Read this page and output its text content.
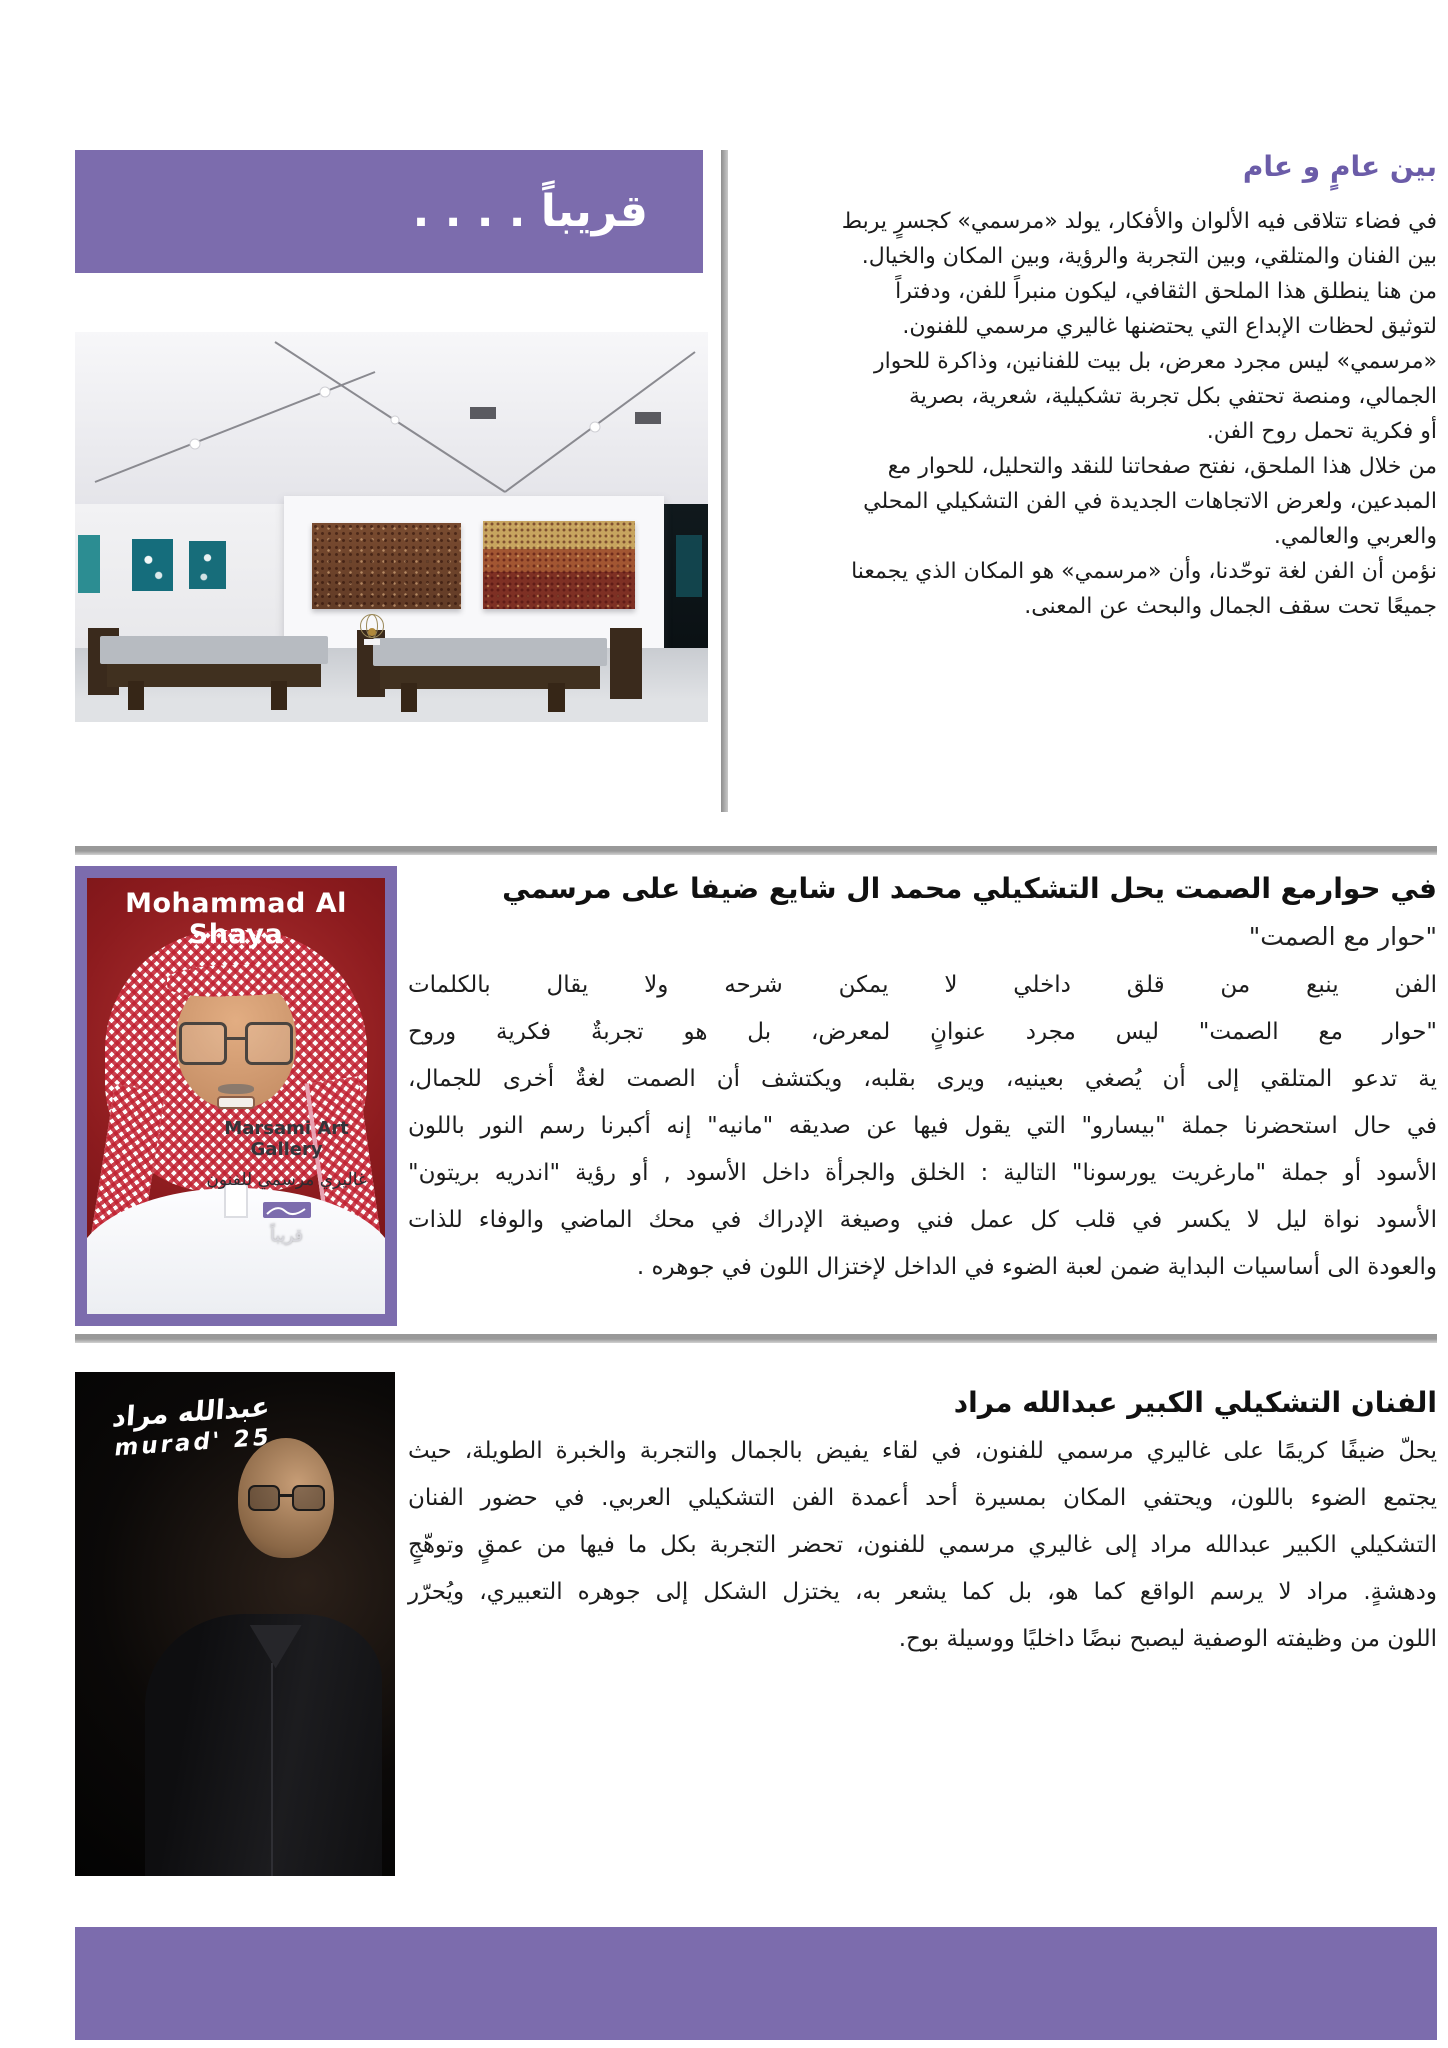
قريباً . . . .
بين عامٍ و عام
في فضاء تتلاقى فيه الألوان والأفكار، يولد «مرسمي» كجسرٍ يربط
بين الفنان والمتلقي، وبين التجربة والرؤية، وبين المكان والخيال.
من هنا ينطلق هذا الملحق الثقافي، ليكون منبراً للفن، ودفتراً
لتوثيق لحظات الإبداع التي يحتضنها غاليري مرسمي للفنون.
«مرسمي» ليس مجرد معرض، بل بيت للفنانين، وذاكرة للحوار
الجمالي، ومنصة تحتفي بكل تجربة تشكيلية، شعرية، بصرية
أو فكرية تحمل روح الفن.
من خلال هذا الملحق، نفتح صفحاتنا للنقد والتحليل، للحوار مع
المبدعين، ولعرض الاتجاهات الجديدة في الفن التشكيلي المحلي
والعربي والعالمي.
نؤمن أن الفن لغة توحّدنا، وأن «مرسمي» هو المكان الذي يجمعنا
جميعًا تحت سقف الجمال والبحث عن المعنى.
Mohammad Al Shaya
Marsami Art Gallery
غاليري مرسمي للفنون
قريباً
في حوارمع الصمت يحل التشكيلي محمد ال شايع ضيفا على مرسمي
"حوار مع الصمت"
الفن ينبع من قلق داخلي لا يمكن شرحه ولا يقال بالكلمات
"حوار مع الصمت" ليس مجرد عنوانٍ لمعرض، بل هو تجربةٌ فكرية وروح
ية تدعو المتلقي إلى أن يُصغي بعينيه، ويرى بقلبه، ويكتشف أن الصمت لغةٌ أخرى للجمال،
في حال استحضرنا جملة "بيسارو" التي يقول فيها عن صديقه "مانيه" إنه أكبرنا رسم النور باللون
الأسود أو جملة "مارغريت يورسونا" التالية : الخلق والجرأة داخل الأسود , أو رؤية "اندريه بريتون"
الأسود نواة ليل لا يكسر في قلب كل عمل فني وصيغة الإدراك في محك الماضي والوفاء للذات
والعودة الى أساسيات البداية ضمن لعبة الضوء في الداخل لإختزال اللون في جوهره .
عبدالله مراد
murad' 25
الفنان التشكيلي الكبير عبدالله مراد
يحلّ ضيفًا كريمًا على غاليري مرسمي للفنون، في لقاء يفيض بالجمال والتجربة والخبرة الطويلة، حيث
يجتمع الضوء باللون، ويحتفي المكان بمسيرة أحد أعمدة الفن التشكيلي العربي. في حضور الفنان
التشكيلي الكبير عبدالله مراد إلى غاليري مرسمي للفنون، تحضر التجربة بكل ما فيها من عمقٍ وتوهّجٍ
ودهشةٍ. مراد لا يرسم الواقع كما هو، بل كما يشعر به، يختزل الشكل إلى جوهره التعبيري، ويُحرّر
اللون من وظيفته الوصفية ليصبح نبضًا داخليًا ووسيلة بوح.
